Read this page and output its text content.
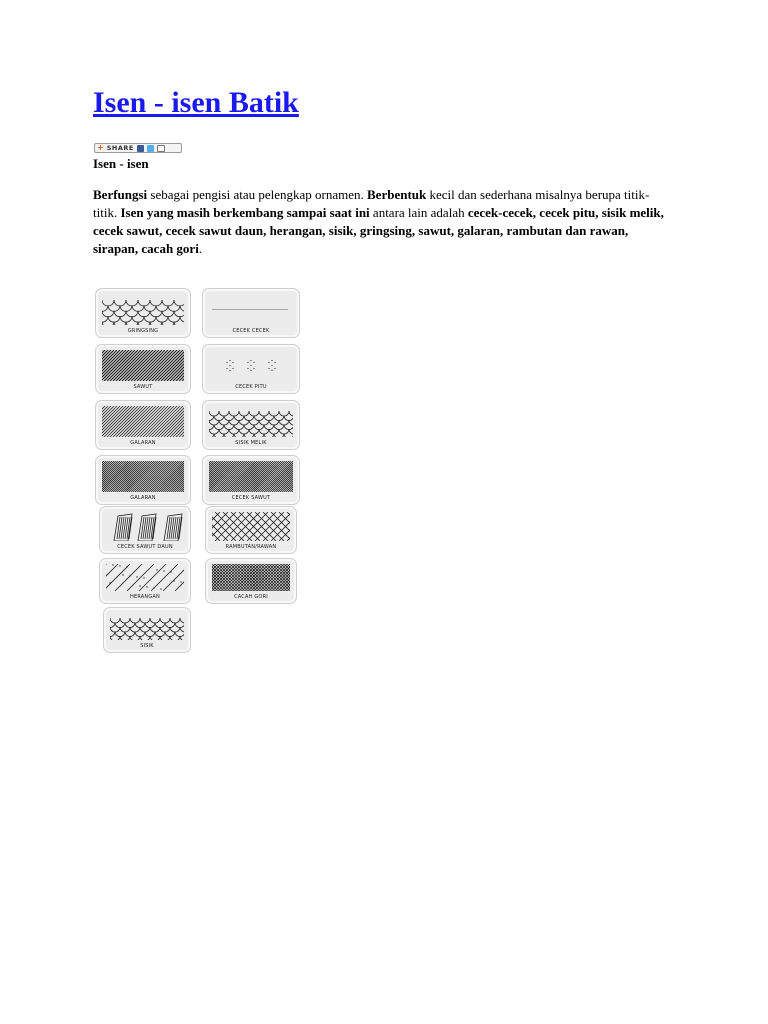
Isen - isen Batik
+ SHARE
Isen - isen

Berfungsi sebagai pengisi atau pelengkap ornamen. Berbentuk kecil dan sederhana misalnya berupa titik-titik. Isen yang masih berkembang sampai saat ini antara lain adalah cecek-cecek, cecek pitu, sisik melik, cecek sawut, cecek sawut daun, herangan, sisik, gringsing, sawut, galaran, rambutan dan rawan, sirapan, cacah gori.

GRINGSING	CECEK CECEK
SAWUT	CECEK PITU
GALARAN	SISIK MELIK
GALARAN	CECEK SAWUT
CECEK SAWUT DAUN	RAMBUTAN/RAWAN
HERANGAN	CACAH GORI
SISIK
